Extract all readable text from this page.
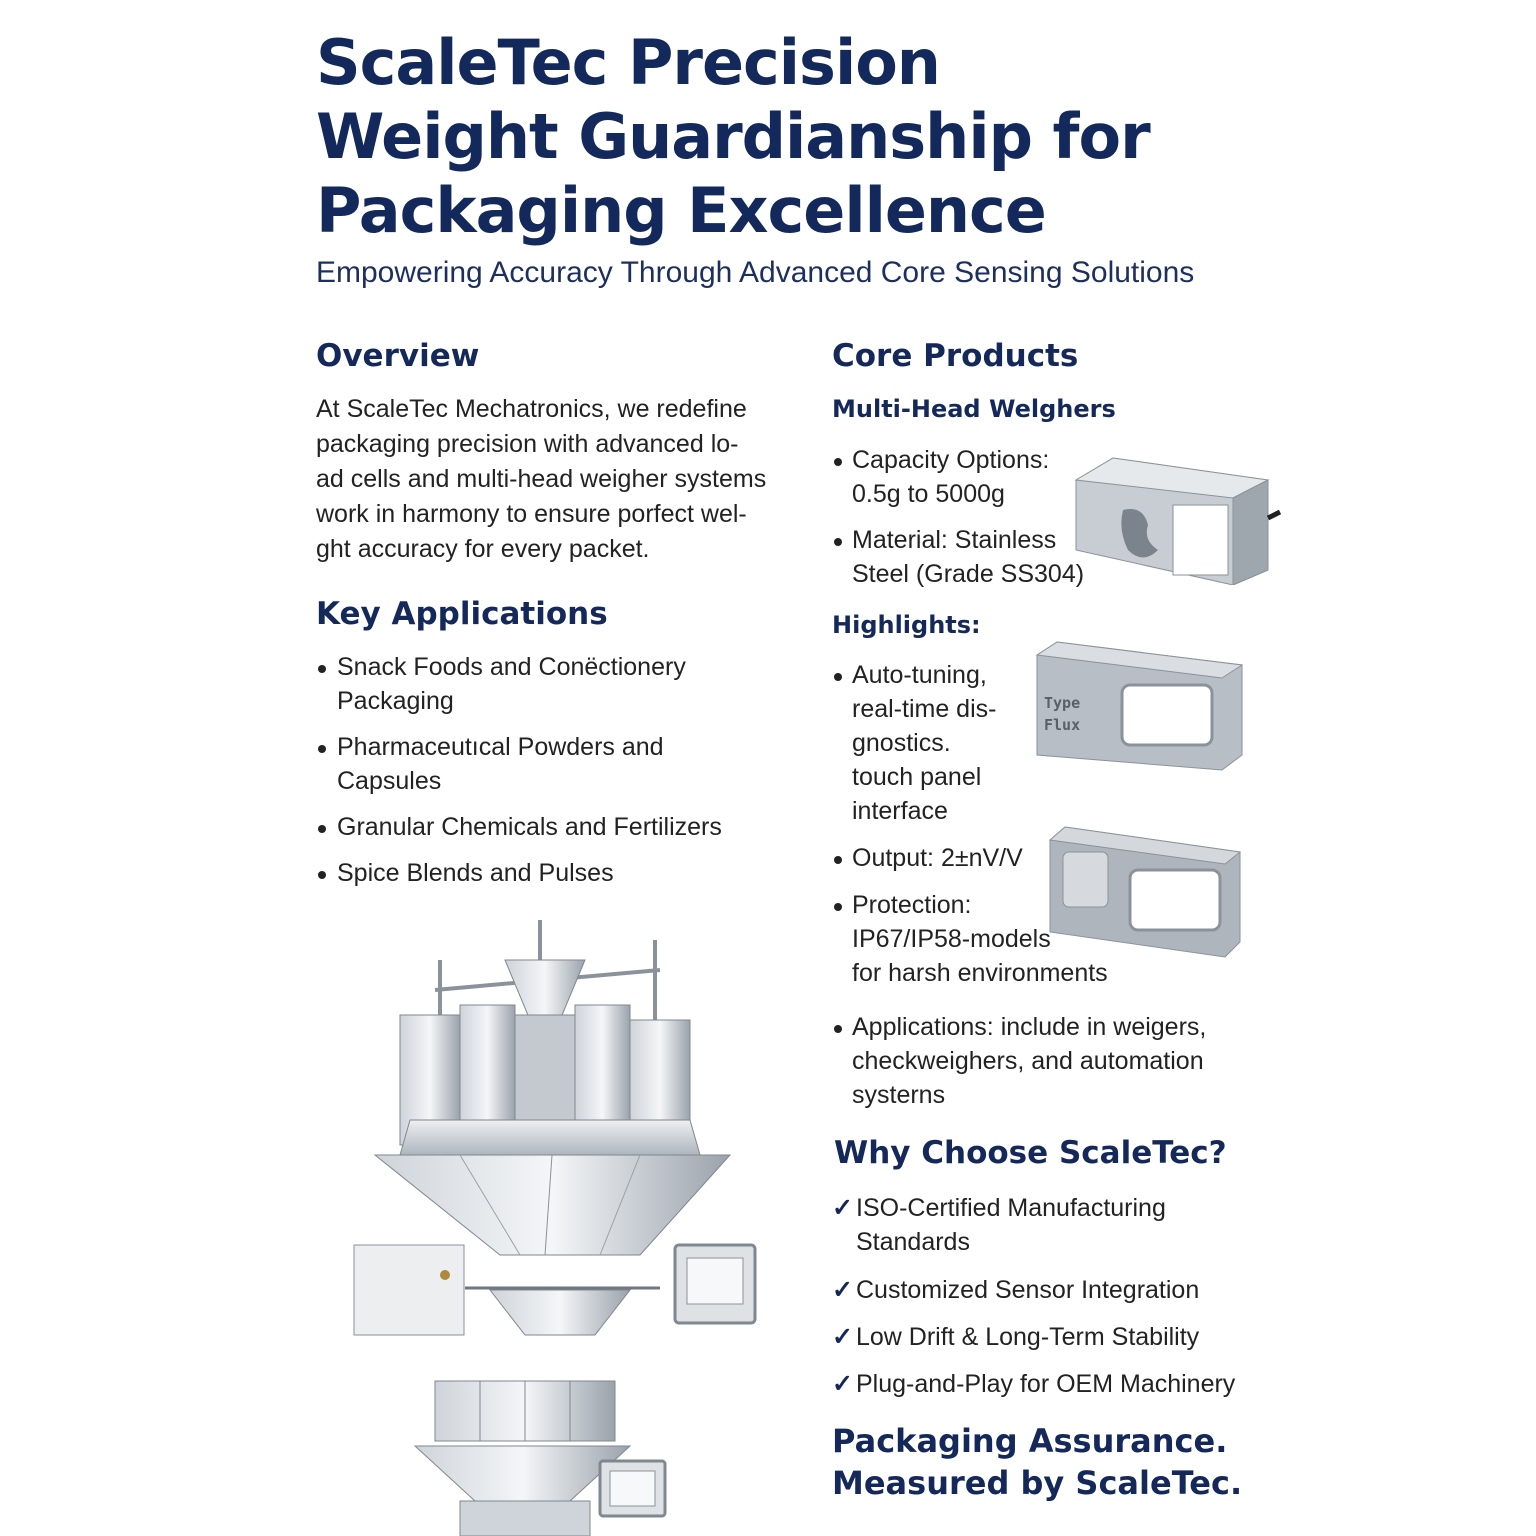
ScaleTec Precision
Weight Guardianship for
Packaging Excellence
Empowering Accuracy Through Advanced Core Sensing Solutions
Overview
At ScaleTec Mechatronics, we redefine
packaging precision with advanced lo-
ad cells and multi-head weigher systems
work in harmony to ensure porfect wel-
ght accuracy for every packet.
Key Applications
Snack Foods and Conëctionery
Packaging
Pharmaceutıcal Powders and
Capsules
Granular Chemicals and Fertilizers
Spice Blends and Pulses
Core Products
Multi-Head Welghers
Capacity Options:
0.5g to 5000g
Material: Stainless
Steel (Grade SS304)
Highlights:
Auto-tuning,
real-time dis-
gnostics.
touch panel
interface
Type
Flux
Output: 2±nV/V
Protection:
IP67/IP58-models
for harsh environments
Applications: include in weigers,
checkweighers, and automation
systerns
Why Choose ScaleTec?
✓ ISO-Certified Manufacturing
Standards
✓ Customized Sensor Integration
✓ Low Drift & Long-Term Stability
✓ Plug-and-Play for OEM Machinery
Packaging Assurance.
Measured by ScaleTec.
